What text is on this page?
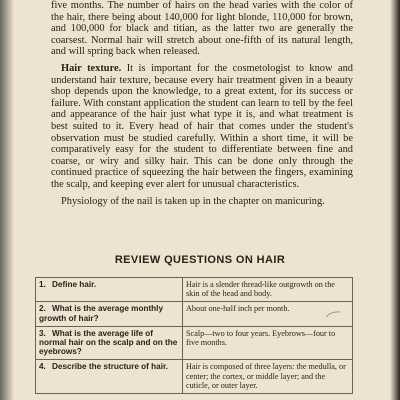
five months. The number of hairs on the head varies with the color of the hair, there being about 140,000 for light blonde, 110,000 for brown, and 100,000 for black and titian, as the latter two are generally the coarsest. Normal hair will stretch about one-fifth of its natural length, and will spring back when released.

Hair texture. It is important for the cosmetologist to know and understand hair texture, because every hair treatment given in a beauty shop depends upon the knowledge, to a great extent, for its success or failure. With constant application the student can learn to tell by the feel and appearance of the hair just what type it is, and what treatment is best suited to it. Every head of hair that comes under the student's observation must be studied carefully. Within a short time, it will be comparatively easy for the student to differentiate between fine and coarse, or wiry and silky hair. This can be done only through the continued practice of squeezing the hair between the fingers, examining the scalp, and keeping ever alert for unusual characteristics.

Physiology of the nail is taken up in the chapter on manicuring.

REVIEW QUESTIONS ON HAIR
1. Define hair.	Hair is a slender thread-like outgrowth on the skin of the head and body.
2. What is the average monthly growth of hair?	About one-half inch per month.
3. What is the average life of normal hair on the scalp and on the eyebrows?	Scalp—two to four years. Eyebrows—four to five months.
4. Describe the structure of hair.	Hair is composed of three layers: the medulla, or center; the cortex, or middle layer; and the cuticle, or outer layer.
